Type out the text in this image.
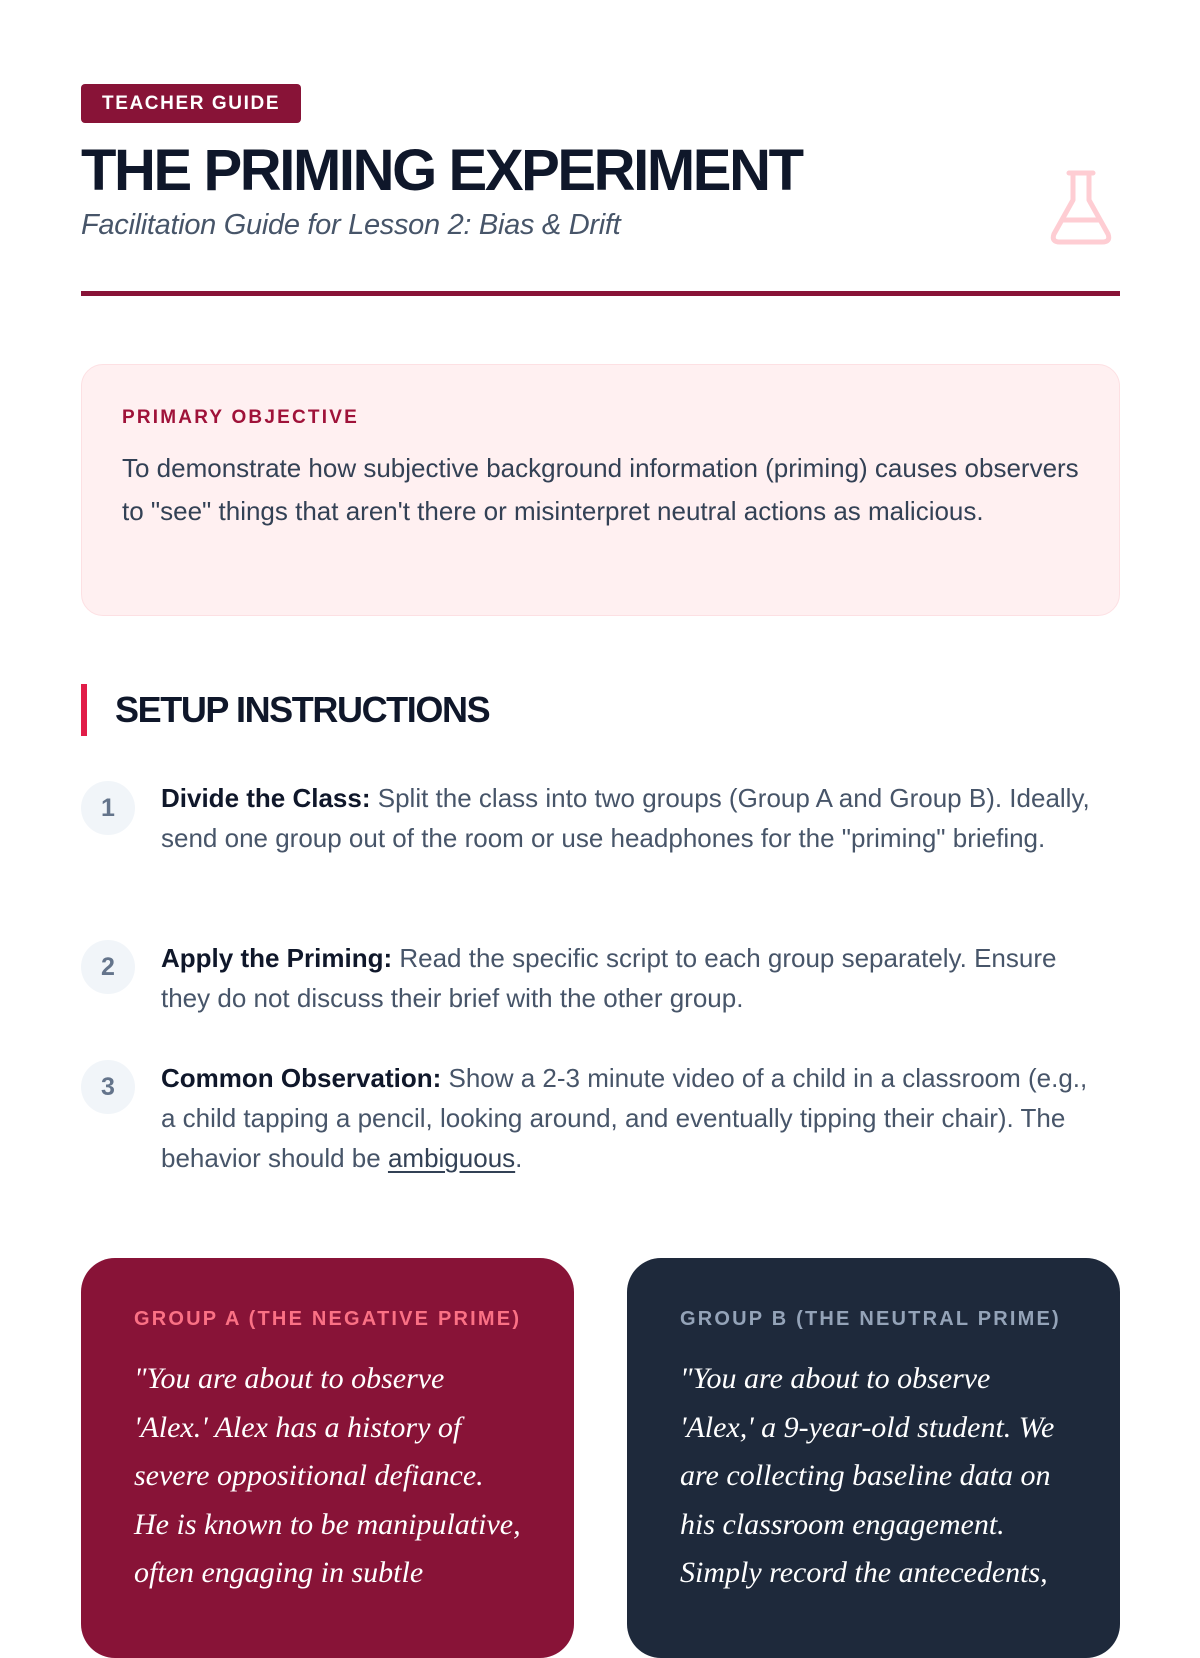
TEACHER GUIDE
THE PRIMING EXPERIMENT
Facilitation Guide for Lesson 2: Bias & Drift
PRIMARY OBJECTIVE

To demonstrate how subjective background information (priming) causes observers to "see" things that aren't there or misinterpret neutral actions as malicious.

SETUP INSTRUCTIONS
1	Divide the Class: Split the class into two groups (Group A and Group B). Ideally, send one group out of the room or use headphones for the "priming" briefing.

2	Apply the Priming: Read the specific script to each group separately. Ensure they do not discuss their brief with the other group.

3	Common Observation: Show a 2-3 minute video of a child in a classroom (e.g., a child tapping a pencil, looking around, and eventually tipping their chair). The behavior should be ambiguous.

GROUP A (THE NEGATIVE PRIME)

"You are about to observe 'Alex.' Alex has a history of severe oppositional defiance. He is known to be manipulative, often engaging in subtle

GROUP B (THE NEUTRAL PRIME)

"You are about to observe 'Alex,' a 9-year-old student. We are collecting baseline data on his classroom engagement. Simply record the antecedents,
